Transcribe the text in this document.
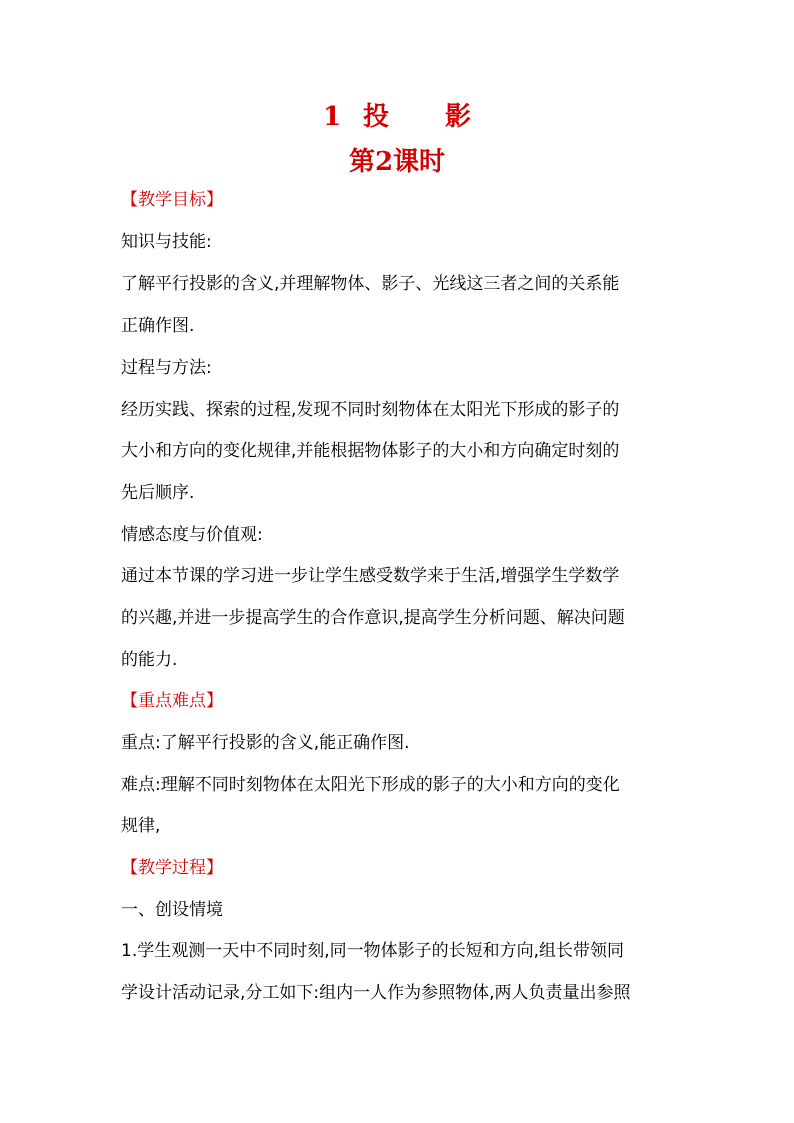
1 投 影
第2课时

【教学目标】

知识与技能:

了解平行投影的含义,并理解物体、影子、光线这三者之间的关系能

正确作图.

过程与方法:

经历实践、探索的过程,发现不同时刻物体在太阳光下形成的影子的

大小和方向的变化规律,并能根据物体影子的大小和方向确定时刻的

先后顺序.

情感态度与价值观:

通过本节课的学习进一步让学生感受数学来于生活,增强学生学数学

的兴趣,并进一步提高学生的合作意识,提高学生分析问题、解决问题

的能力.

【重点难点】

重点:了解平行投影的含义,能正确作图.

难点:理解不同时刻物体在太阳光下形成的影子的大小和方向的变化

规律,

【教学过程】

一、创设情境

1.学生观测一天中不同时刻,同一物体影子的长短和方向,组长带领同

学设计活动记录,分工如下:组内一人作为参照物体,两人负责量出参照
